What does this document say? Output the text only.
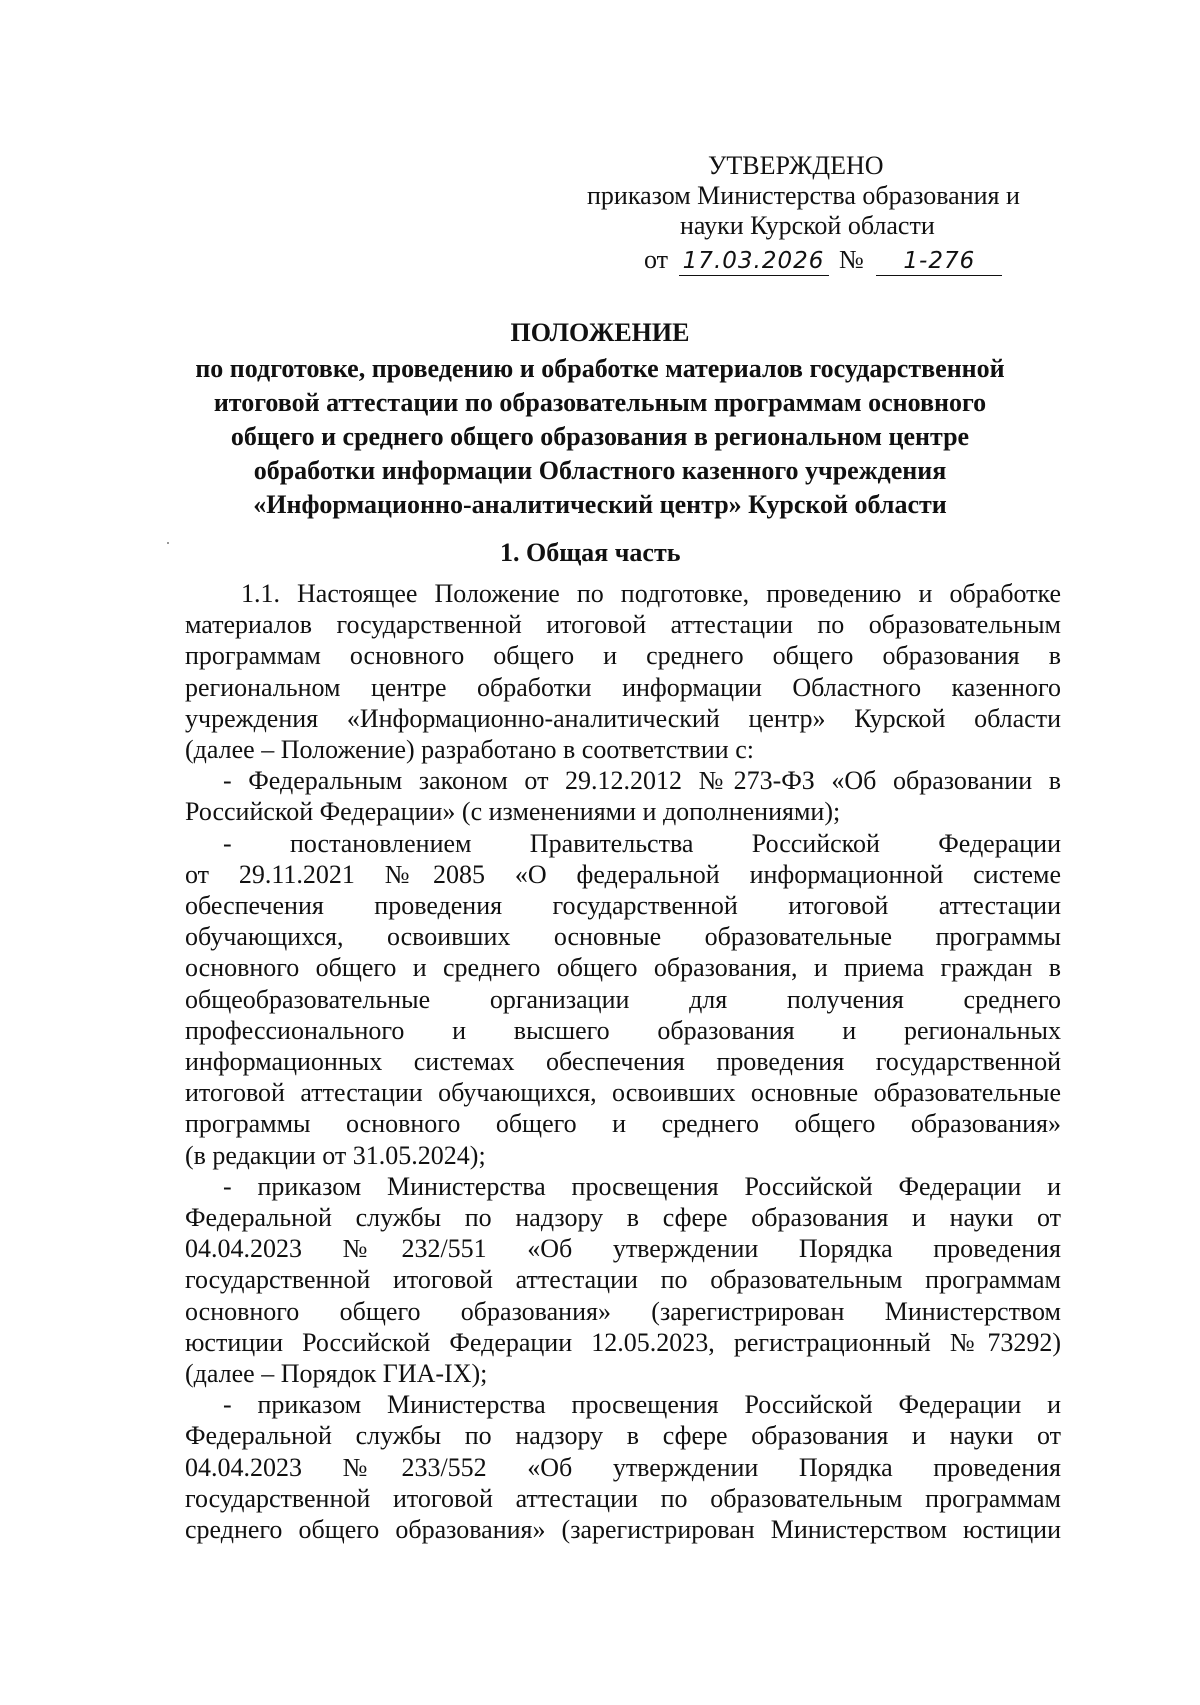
УТВЕРЖДЕНО
приказом Министерства образования и
науки Курской области
от 17.03.2026 № 1-276
ПОЛОЖЕНИЕ
по подготовке, проведению и обработке материалов государственной
итоговой аттестации по образовательным программам основного
общего и среднего общего образования в региональном центре
обработки информации Областного казенного учреждения
«Информационно-аналитический центр» Курской области
1. Общая часть
1.1. Настоящее Положение по подготовке, проведению и обработке
материалов государственной итоговой аттестации по образовательным
программам основного общего и среднего общего образования в
региональном центре обработки информации Областного казенного
учреждения «Информационно-аналитический центр» Курской области
(далее – Положение) разработано в соответствии с:
- Федеральным законом от 29.12.2012 №273-ФЗ «Об образовании в
Российской Федерации» (с изменениями и дополнениями);
- постановлением Правительства Российской Федерации
от 29.11.2021 №2085 «О федеральной информационной системе
обеспечения проведения государственной итоговой аттестации
обучающихся, освоивших основные образовательные программы
основного общего и среднего общего образования, и приема граждан в
общеобразовательные организации для получения среднего
профессионального и высшего образования и региональных
информационных системах обеспечения проведения государственной
итоговой аттестации обучающихся, освоивших основные образовательные
программы основного общего и среднего общего образования»
(в редакции от 31.05.2024);
- приказом Министерства просвещения Российской Федерации и
Федеральной службы по надзору в сфере образования и науки от
04.04.2023 №232/551 «Об утверждении Порядка проведения
государственной итоговой аттестации по образовательным программам
основного общего образования» (зарегистрирован Министерством
юстиции Российской Федерации 12.05.2023, регистрационный №73292)
(далее – Порядок ГИА-IX);
- приказом Министерства просвещения Российской Федерации и
Федеральной службы по надзору в сфере образования и науки от
04.04.2023 №233/552 «Об утверждении Порядка проведения
государственной итоговой аттестации по образовательным программам
среднего общего образования» (зарегистрирован Министерством юстиции
